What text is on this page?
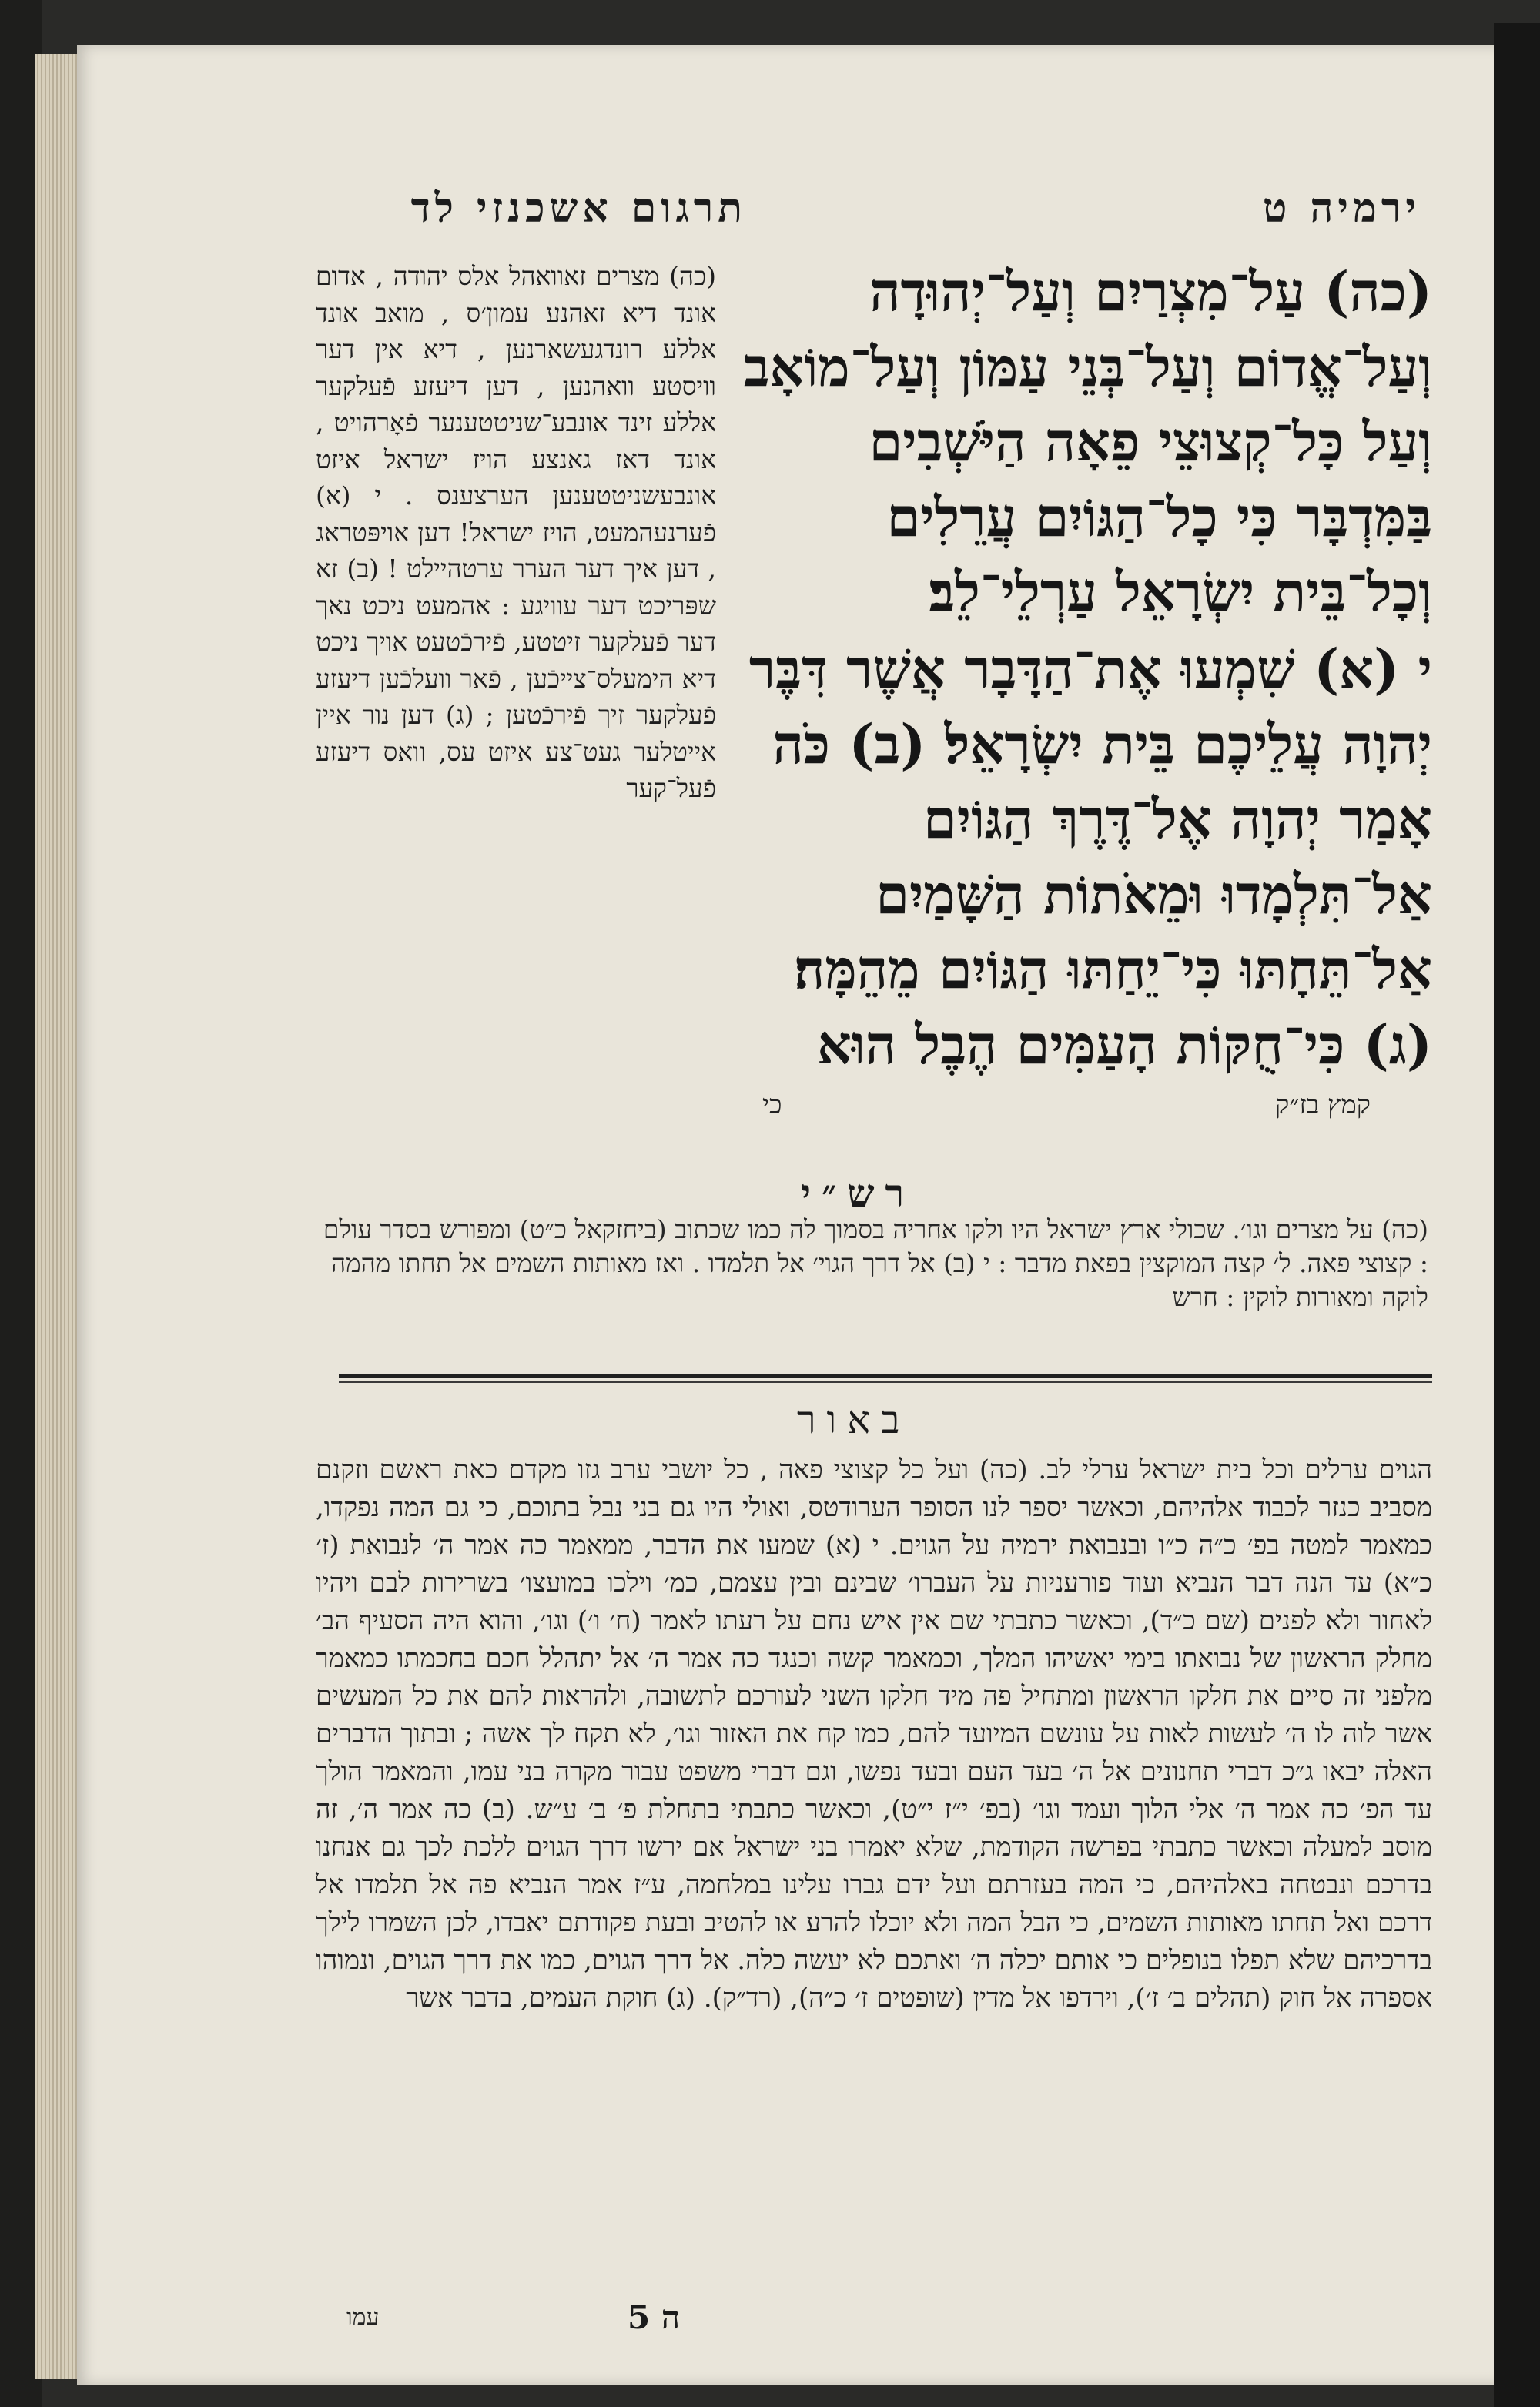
ירמיה ט
תרגום אשכנזי לד
(כה) עַל־מִצְרַיִם וְעַל־יְהוּדָה וְעַל־אֱדוֹם וְעַל־בְּנֵי עַמּוֹן וְעַל־מוֹאָב וְעַל כָּל־קְצוּצֵי פֵאָה הַיֹּשְׁבִים בַּמִּדְבָּר כִּי כָל־הַגּוֹיִם עֲרֵלִים וְכָל־בֵּית יִשְׂרָאֵל עַרְלֵי־לֵב׃
י (א) שִׁמְעוּ אֶת־הַדָּבָר אֲשֶׁר דִּבֶּר יְהוָה עֲלֵיכֶם בֵּית יִשְׂרָאֵל׃ (ב) כֹּה אָמַר יְהוָה אֶל־דֶּרֶךְ הַגּוֹיִם אַל־תִּלְמָדוּ וּמֵאֹתוֹת הַשָּׁמַיִם אַל־תֵּחָתּוּ כִּי־יֵחַתּוּ הַגּוֹיִם מֵהֵמָּה׃ (ג) כִּי־חֻקּוֹת הָעַמִּים הֶבֶל הוּא
קמץ בז״ק
כי
(כה) מצרים זאוואהל אלס יהודה , אדום אונד דיא זאהנע עמון׳ס , מואב אונד אללע רונדגעשארנען , דיא אין דער וויסטע וואהנען , דען דיעזע פֿעלקער אללע זינד אונבע־שניטטענער פֿאָרהויט , אונד דאז גאנצע הויז ישראל איזט אונבעשניטטענען הערצענס . י (א) פֿערנעהמעט, הויז ישראל! דען אויפּטראג , דען איך דער הערר ערטהיילט ! (ב) זא שפּריכט דער עוויגע : אהמעט ניכט נאך דער פֿעלקער זיטטע, פֿירכֿטעט אויך ניכט דיא הימעלס־צייכֿען , פֿאר וועלכֿען דיעזע פֿעלקער זיך פֿירכֿטען ; (ג) דען נור איין אייטלער געט־צע איזט עס, וואס דיעזע פֿעל־קער
רש״י
(כה) על מצרים וגו׳. שכולי ארץ ישראל היו ולקו אחריה בסמוך לה כמו שכתוב (ביחזקאל כ״ט) ומפורש בסדר עולם : קצוצי פאה. ל׳ קצה המוקצין בפאת מדבר : י (ב) אל דרך הגוי׳ אל תלמדו . ואז מאותות השמים אל תחתו מהמה לוקה ומאורות לוקין : חרש
באור
הגוים ערלים וכל בית ישראל ערלי לב. (כה) ועל כל קצוצי פאה , כל יושבי ערב גזו מקדם כאת ראשם וזקנם מסביב כנזר לכבוד אלהיהם, וכאשר יספר לנו הסופר הערודטס, ואולי היו גם בני נבל בתוכם, כי גם המה נפקדו, כמאמר למטה בפ׳ כ״ה כ״ו ובנבואת ירמיה על הגוים. י (א) שמעו את הדבר, ממאמר כה אמר ה׳ לנבואת (ז׳ כ״א) עד הנה דבר הנביא ועוד פורעניות על העברו׳ שבינם ובין עצמם, כמ׳ וילכו במועצו׳ בשרירות לבם ויהיו לאחור ולא לפנים (שם כ״ד), וכאשר כתבתי שם אין איש נחם על רעתו לאמר (ח׳ ו׳) וגו׳, והוא היה הסעיף הב׳ מחלק הראשון של נבואתו בימי יאשיהו המלך, וכמאמר קשה וכנגד כה אמר ה׳ אל יתהלל חכם בחכמתו כמאמר מלפני זה סיים את חלקו הראשון ומתחיל פה מיד חלקו השני לעורכם לתשובה, ולהראות להם את כל המעשים אשר לוה לו ה׳ לעשות לאות על עונשם המיועד להם, כמו קח את האזור וגו׳, לא תקח לך אשה ; ובתוך הדברים האלה יבאו ג״כ דברי תחנונים אל ה׳ בעד העם ובעד נפשו, וגם דברי משפט עבור מקרה בני עמו, והמאמר הולך עד הפ׳ כה אמר ה׳ אלי הלוך ועמד וגו׳ (בפ׳ י״ז י״ט), וכאשר כתבתי בתחלת פ׳ ב׳ ע״ש. (ב) כה אמר ה׳, זה מוסב למעלה וכאשר כתבתי בפרשה הקודמת, שלא יאמרו בני ישראל אם ירשו דרך הגוים ללכת לכך גם אנחנו בדרכם ונבטחה באלהיהם, כי המה בעזרתם ועל ידם גברו עלינו במלחמה, ע״ז אמר הנביא פה אל תלמדו אל דרכם ואל תחתו מאותות השמים, כי הבל המה ולא יוכלו להרע או להטיב ובעת פקודתם יאבדו, לכן השמרו לילך בדרכיהם שלא תפלו בנופלים כי אותם יכלה ה׳ ואתכם לא יעשה כלה. אל דרך הגוים, כמו את דרך הגוים, ונמוהו אספרה אל חוק (תהלים ב׳ ז׳), וירדפו אל מדין (שופטים ז׳ כ״ה), (רד״ק). (ג) חוקת העמים, בדבר אשר
ה 5
עמו
